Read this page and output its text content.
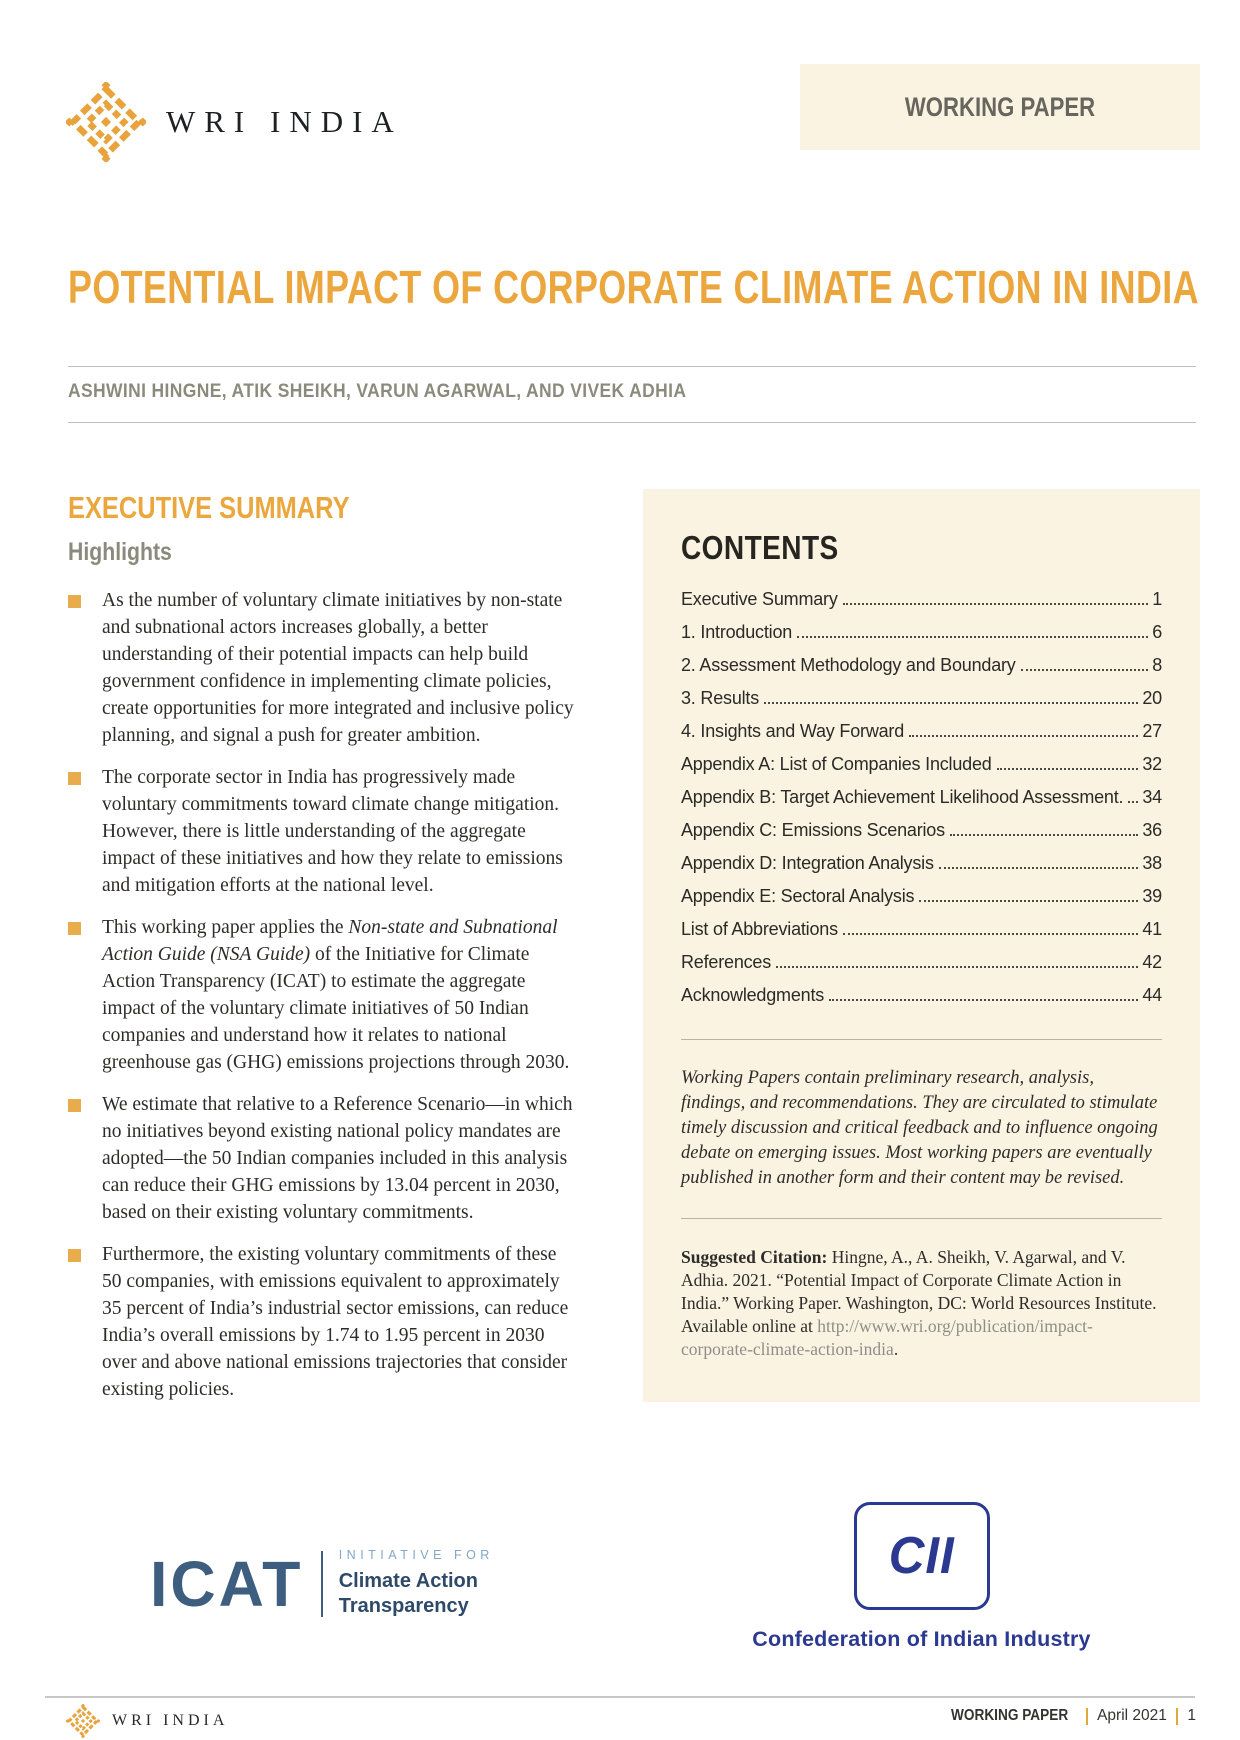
WRI INDIA	WORKING PAPER
POTENTIAL IMPACT OF CORPORATE CLIMATE ACTION IN INDIA
ASHWINI HINGNE, ATIK SHEIKH, VARUN AGARWAL, AND VIVEK ADHIA
EXECUTIVE SUMMARY
Highlights
As the number of voluntary climate initiatives by non-state and subnational actors increases globally, a better understanding of their potential impacts can help build government confidence in implementing climate policies, create opportunities for more integrated and inclusive policy planning, and signal a push for greater ambition.
The corporate sector in India has progressively made voluntary commitments toward climate change mitigation. However, there is little understanding of the aggregate impact of these initiatives and how they relate to emissions and mitigation efforts at the national level.
This working paper applies the Non-state and Subnational Action Guide (NSA Guide) of the Initiative for Climate Action Transparency (ICAT) to estimate the aggregate impact of the voluntary climate initiatives of 50 Indian companies and understand how it relates to national greenhouse gas (GHG) emissions projections through 2030.
We estimate that relative to a Reference Scenario—in which no initiatives beyond existing national policy mandates are adopted—the 50 Indian companies included in this analysis can reduce their GHG emissions by 13.04 percent in 2030, based on their existing voluntary commitments.
Furthermore, the existing voluntary commitments of these 50 companies, with emissions equivalent to approximately 35 percent of India’s industrial sector emissions, can reduce India’s overall emissions by 1.74 to 1.95 percent in 2030 over and above national emissions trajectories that consider existing policies.
CONTENTS
Executive Summary	1
1. Introduction	6
2. Assessment Methodology and Boundary	8
3. Results	20
4. Insights and Way Forward	27
Appendix A: List of Companies Included	32
Appendix B: Target Achievement Likelihood Assessment. 34
Appendix C: Emissions Scenarios	36
Appendix D: Integration Analysis	38
Appendix E: Sectoral Analysis	39
List of Abbreviations	41
References	42
Acknowledgments	44

Working Papers contain preliminary research, analysis, findings, and recommendations. They are circulated to stimulate timely discussion and critical feedback and to influence ongoing debate on emerging issues. Most working papers are eventually published in another form and their content may be revised.

Suggested Citation: Hingne, A., A. Sheikh, V. Agarwal, and V. Adhia. 2021. “Potential Impact of Corporate Climate Action in India.” Working Paper. Washington, DC: World Resources Institute. Available online at http://www.wri.org/publication/impact-corporate-climate-action-india.

ICAT	INITIATIVE FOR
Climate Action
Transparency
CII
Confederation of Indian Industry
WRI INDIA	WORKING PAPER April 2021 1
